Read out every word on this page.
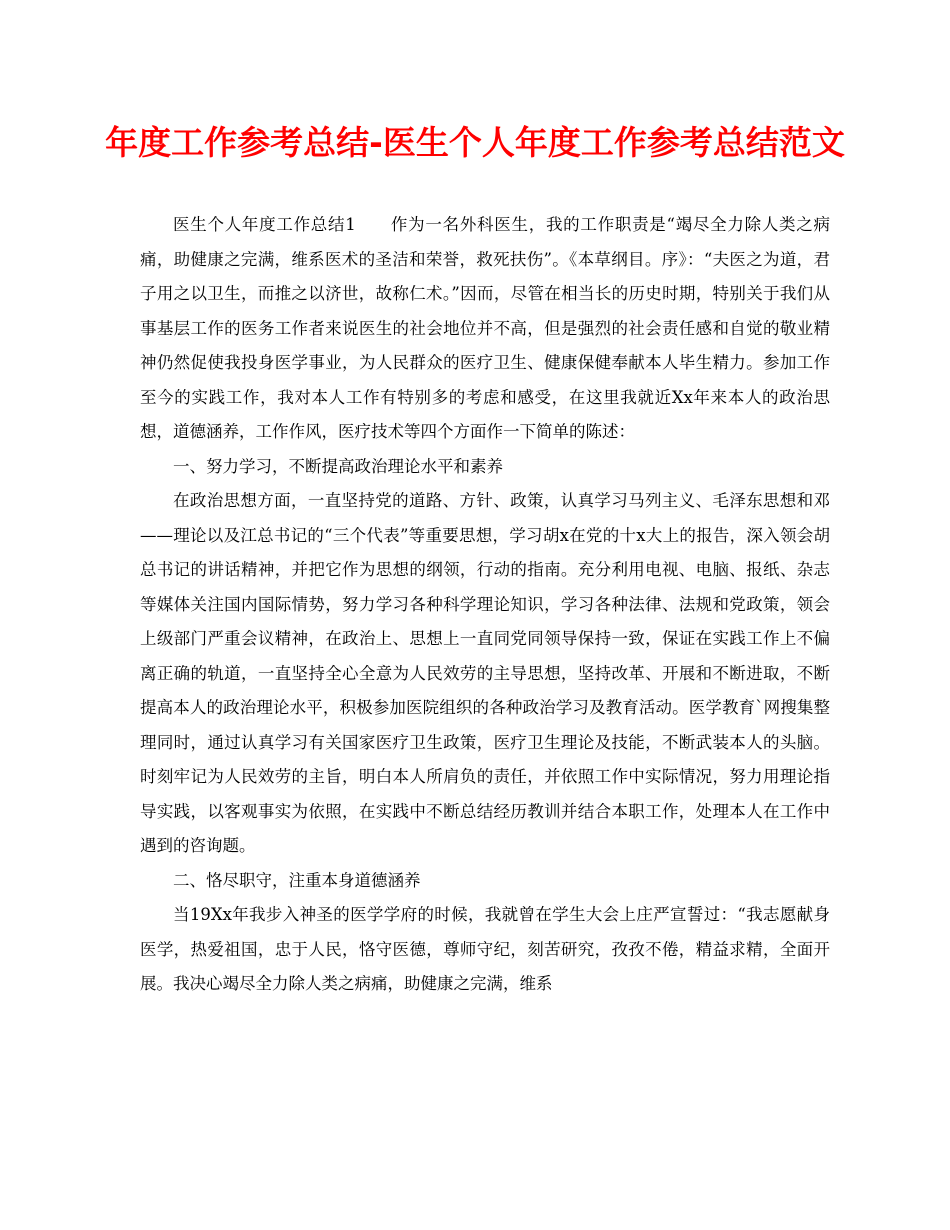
年度工作参考总结-医生个人年度工作参考总结范文

医生个人年度工作总结1　　作为一名外科医生，我的工作职责是“竭尽全力除人类之病痛，助健康之完满，维系医术的圣洁和荣誉，救死扶伤”。《本草纲目。序》：“夫医之为道，君子用之以卫生，而推之以济世，故称仁术。”因而，尽管在相当长的历史时期，特别关于我们从事基层工作的医务工作者来说医生的社会地位并不高，但是强烈的社会责任感和自觉的敬业精神仍然促使我投身医学事业，为人民群众的医疗卫生、健康保健奉献本人毕生精力。参加工作至今的实践工作，我对本人工作有特别多的考虑和感受，在这里我就近Xx年来本人的政治思想，道德涵养，工作作风，医疗技术等四个方面作一下简单的陈述：

一、努力学习，不断提高政治理论水平和素养

在政治思想方面，一直坚持党的道路、方针、政策，认真学习马列主义、毛泽东思想和邓——理论以及江总书记的“三个代表”等重要思想，学习胡x在党的十x大上的报告，深入领会胡总书记的讲话精神，并把它作为思想的纲领，行动的指南。充分利用电视、电脑、报纸、杂志等媒体关注国内国际情势，努力学习各种科学理论知识，学习各种法律、法规和党政策，领会上级部门严重会议精神，在政治上、思想上一直同党同领导保持一致，保证在实践工作上不偏离正确的轨道，一直坚持全心全意为人民效劳的主导思想，坚持改革、开展和不断进取，不断提高本人的政治理论水平，积极参加医院组织的各种政治学习及教育活动。医学教育`网搜集整理同时，通过认真学习有关国家医疗卫生政策，医疗卫生理论及技能，不断武装本人的头脑。时刻牢记为人民效劳的主旨，明白本人所肩负的责任，并依照工作中实际情况，努力用理论指导实践，以客观事实为依照，在实践中不断总结经历教训并结合本职工作，处理本人在工作中遇到的咨询题。

二、恪尽职守，注重本身道德涵养

当19Xx年我步入神圣的医学学府的时候，我就曾在学生大会上庄严宣誓过：“我志愿献身医学，热爱祖国，忠于人民，恪守医德，尊师守纪，刻苦研究，孜孜不倦，精益求精，全面开展。我决心竭尽全力除人类之病痛，助健康之完满，维系
